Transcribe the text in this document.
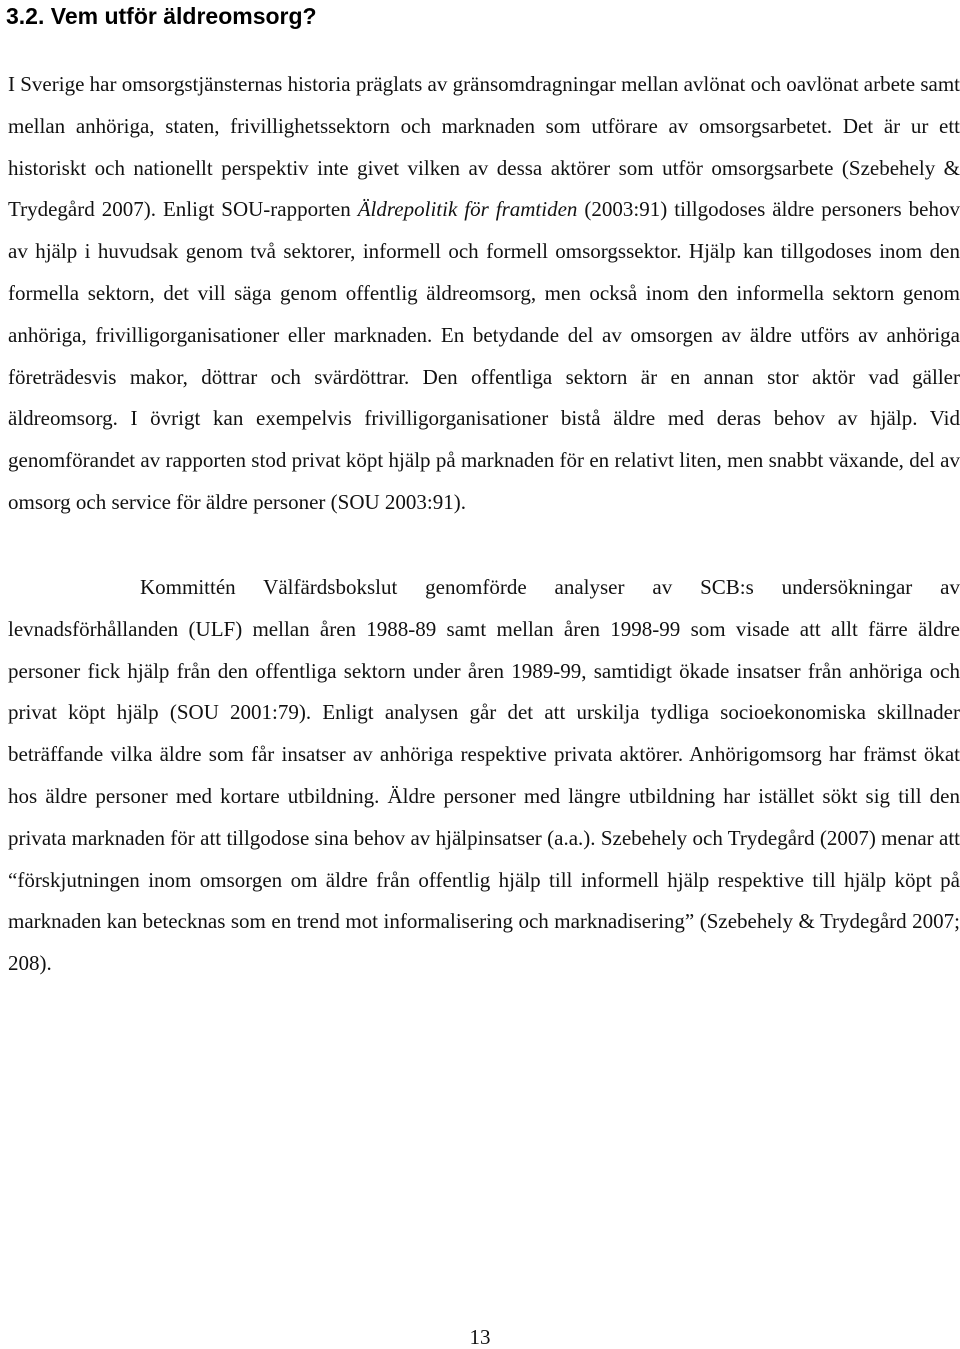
3.2. Vem utför äldreomsorg?

I Sverige har omsorgstjänsternas historia präglats av gränsomdragningar mellan avlönat och oavlönat arbete samt mellan anhöriga, staten, frivillighetssektorn och marknaden som utförare av omsorgsarbetet. Det är ur ett historiskt och nationellt perspektiv inte givet vilken av dessa aktörer som utför omsorgsarbete (Szebehely & Trydegård 2007). Enligt SOU-rapporten Äldrepolitik för framtiden (2003:91) tillgodoses äldre personers behov av hjälp i huvudsak genom två sektorer, informell och formell omsorgssektor. Hjälp kan tillgodoses inom den formella sektorn, det vill säga genom offentlig äldreomsorg, men också inom den informella sektorn genom anhöriga, frivilligorganisationer eller marknaden. En betydande del av omsorgen av äldre utförs av anhöriga företrädesvis makor, döttrar och svärdöttrar. Den offentliga sektorn är en annan stor aktör vad gäller äldreomsorg. I övrigt kan exempelvis frivilligorganisationer bistå äldre med deras behov av hjälp. Vid genomförandet av rapporten stod privat köpt hjälp på marknaden för en relativt liten, men snabbt växande, del av omsorg och service för äldre personer (SOU 2003:91).

Kommittén Välfärdsbokslut genomförde analyser av SCB:s undersökningar av levnadsförhållanden (ULF) mellan åren 1988-89 samt mellan åren 1998-99 som visade att allt färre äldre personer fick hjälp från den offentliga sektorn under åren 1989-99, samtidigt ökade insatser från anhöriga och privat köpt hjälp (SOU 2001:79). Enligt analysen går det att urskilja tydliga socioekonomiska skillnader beträffande vilka äldre som får insatser av anhöriga respektive privata aktörer. Anhörigomsorg har främst ökat hos äldre personer med kortare utbildning. Äldre personer med längre utbildning har istället sökt sig till den privata marknaden för att tillgodose sina behov av hjälpinsatser (a.a.). Szebehely och Trydegård (2007) menar att “förskjutningen inom omsorgen om äldre från offentlig hjälp till informell hjälp respektive till hjälp köpt på marknaden kan betecknas som en trend mot informalisering och marknadisering” (Szebehely & Trydegård 2007; 208).

13
